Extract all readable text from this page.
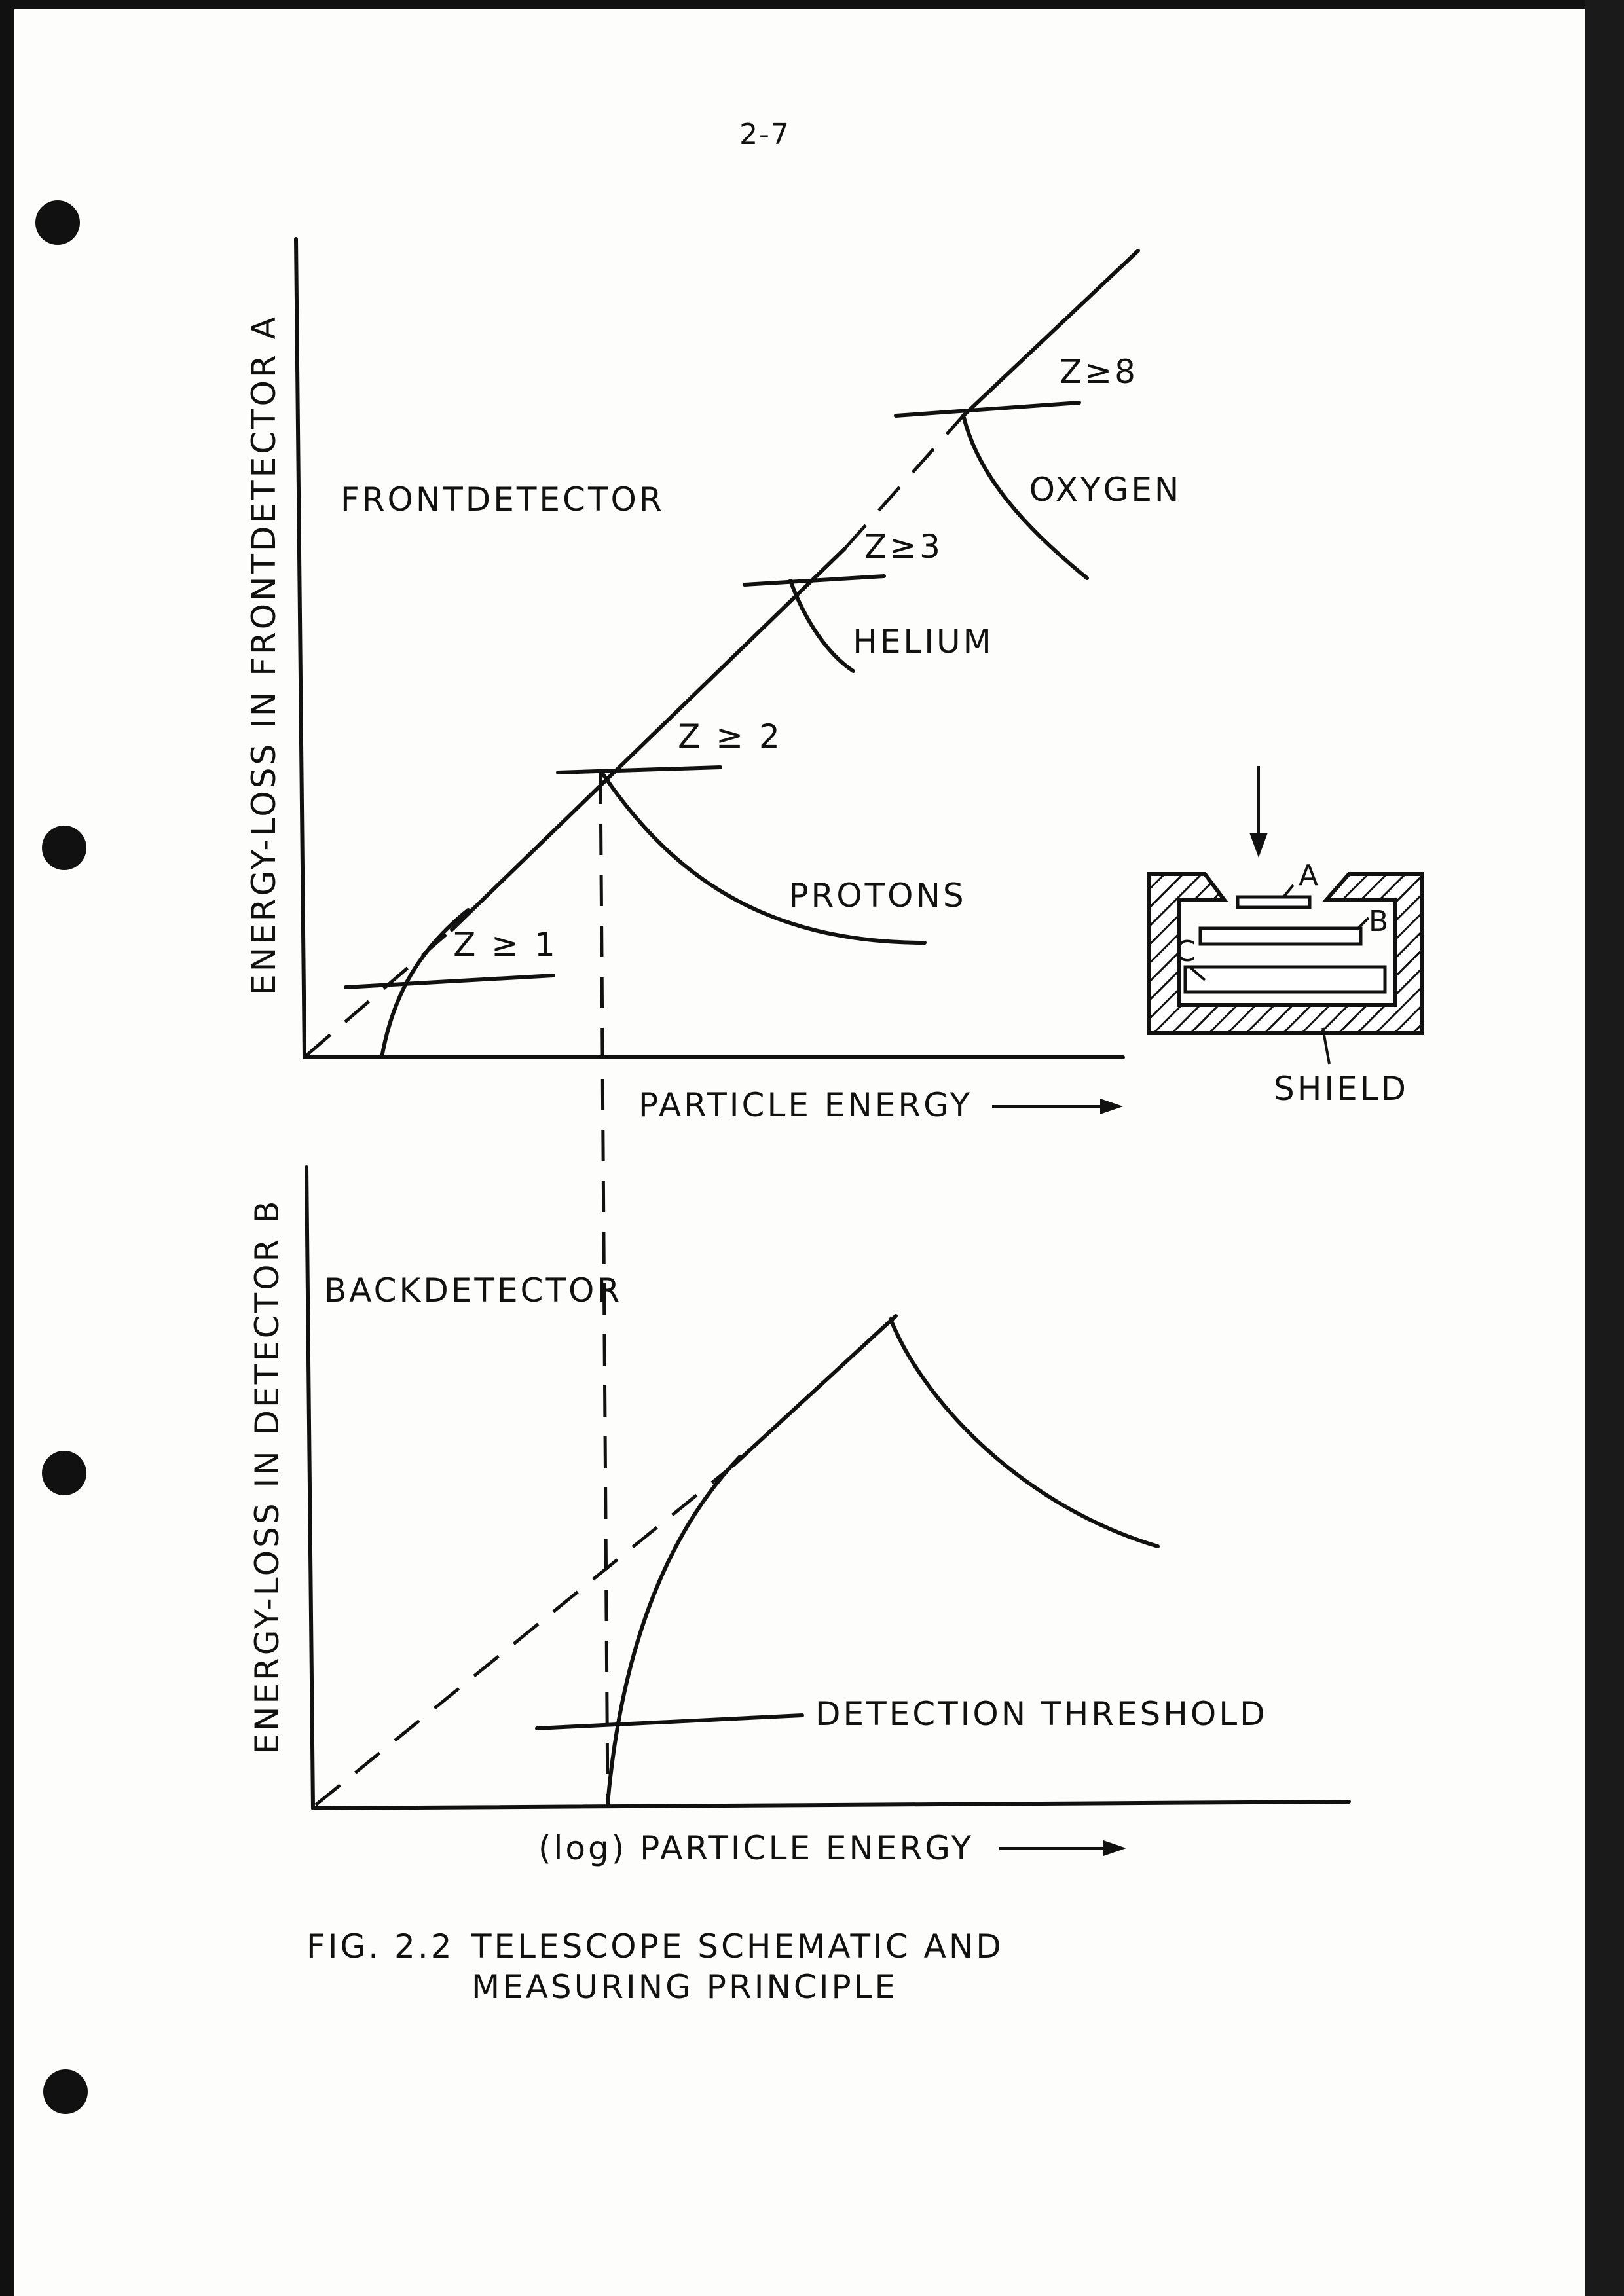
2-7
Z ≥ 1
Z ≥ 2
PROTONS
Z≥3
HELIUM
Z≥8
OXYGEN
FRONTDETECTOR
ENERGY-LOSS IN FRONTDETECTOR A
PARTICLE ENERGY
A
B
C
SHIELD
DETECTION THRESHOLD
BACKDETECTOR
ENERGY-LOSS IN DETECTOR B
(log) PARTICLE ENERGY
FIG. 2.2 TELESCOPE SCHEMATIC AND
MEASURING PRINCIPLE
